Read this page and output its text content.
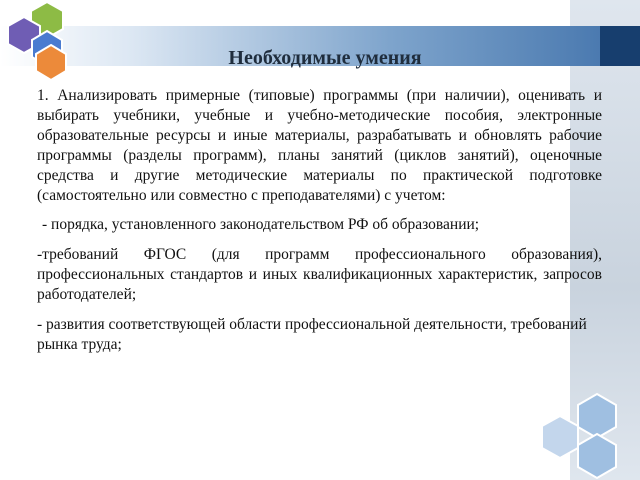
Необходимые умения

1. Анализировать примерные (типовые) программы (при наличии), оценивать и выбирать учебники, учебные и учебно-методические пособия, электронные образовательные ресурсы и иные материалы, разрабатывать и обновлять рабочие программы (разделы программ), планы занятий (циклов занятий), оценочные средства и другие методические материалы по практической подготовке (самостоятельно или совместно с преподавателями) с учетом:

- порядка, установленного законодательством РФ об образовании;

-требований ФГОС (для программ профессионального образования), профессиональных стандартов и иных квалификационных характеристик, запросов работодателей;

- развития соответствующей области профессиональной деятельности, требований рынка труда;
